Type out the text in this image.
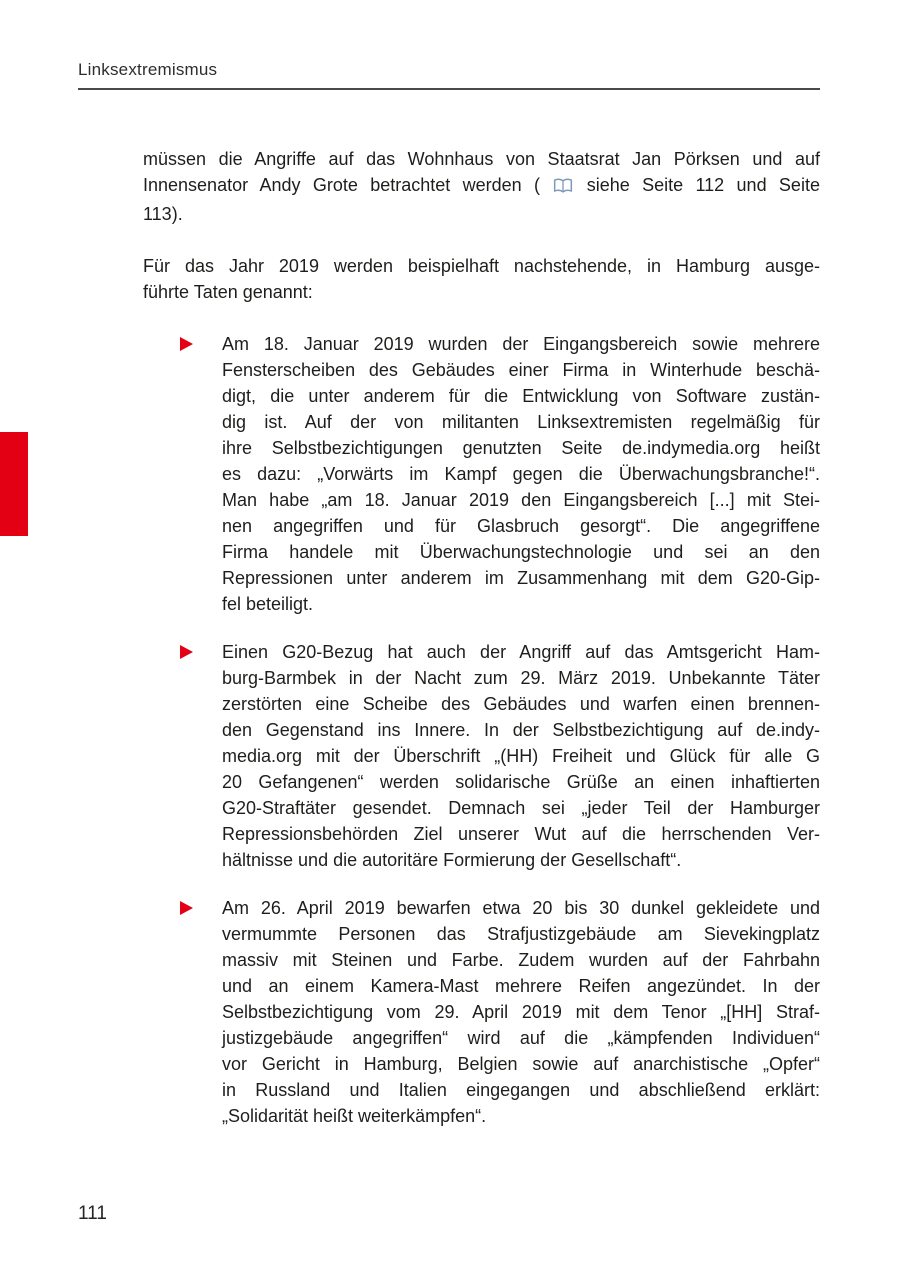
Linksextremismus
müssen die Angriffe auf das Wohnhaus von Staatsrat Jan Pörksen und auf
Innensenator Andy Grote betrachtet werden (	siehe Seite 112 und Seite
113).
Für das Jahr 2019 werden beispielhaft nachstehende, in Hamburg ausge-
führte Taten genannt:
Am 18. Januar 2019 wurden der Eingangsbereich sowie mehrere
Fensterscheiben des Gebäudes einer Firma in Winterhude beschä-
digt, die unter anderem für die Entwicklung von Software zustän-
dig ist. Auf der von militanten Linksextremisten regelmäßig für
ihre Selbstbezichtigungen genutzten Seite de.indymedia.org heißt
es dazu: „Vorwärts im Kampf gegen die Überwachungsbranche!“.
Man habe „am 18. Januar 2019 den Eingangsbereich [...] mit Stei-
nen angegriffen und für Glasbruch gesorgt“. Die angegriffene
Firma handele mit Überwachungstechnologie und sei an den
Repressionen unter anderem im Zusammenhang mit dem G20-Gip-
fel beteiligt.
Einen G20-Bezug hat auch der Angriff auf das Amtsgericht Ham-
burg-Barmbek in der Nacht zum 29. März 2019. Unbekannte Täter
zerstörten eine Scheibe des Gebäudes und warfen einen brennen-
den Gegenstand ins Innere. In der Selbstbezichtigung auf de.indy-
media.org mit der Überschrift „(HH) Freiheit und Glück für alle G
20 Gefangenen“ werden solidarische Grüße an einen inhaftierten
G20-Straftäter gesendet. Demnach sei „jeder Teil der Hamburger
Repressionsbehörden Ziel unserer Wut auf die herrschenden Ver-
hältnisse und die autoritäre Formierung der Gesellschaft“.
Am 26. April 2019 bewarfen etwa 20 bis 30 dunkel gekleidete und
vermummte Personen das Strafjustizgebäude am Sievekingplatz
massiv mit Steinen und Farbe. Zudem wurden auf der Fahrbahn
und an einem Kamera-Mast mehrere Reifen angezündet. In der
Selbstbezichtigung vom 29. April 2019 mit dem Tenor „[HH] Straf-
justizgebäude angegriffen“ wird auf die „kämpfenden Individuen“
vor Gericht in Hamburg, Belgien sowie auf anarchistische „Opfer“
in Russland und Italien eingegangen und abschließend erklärt:
„Solidarität heißt weiterkämpfen“.
111
